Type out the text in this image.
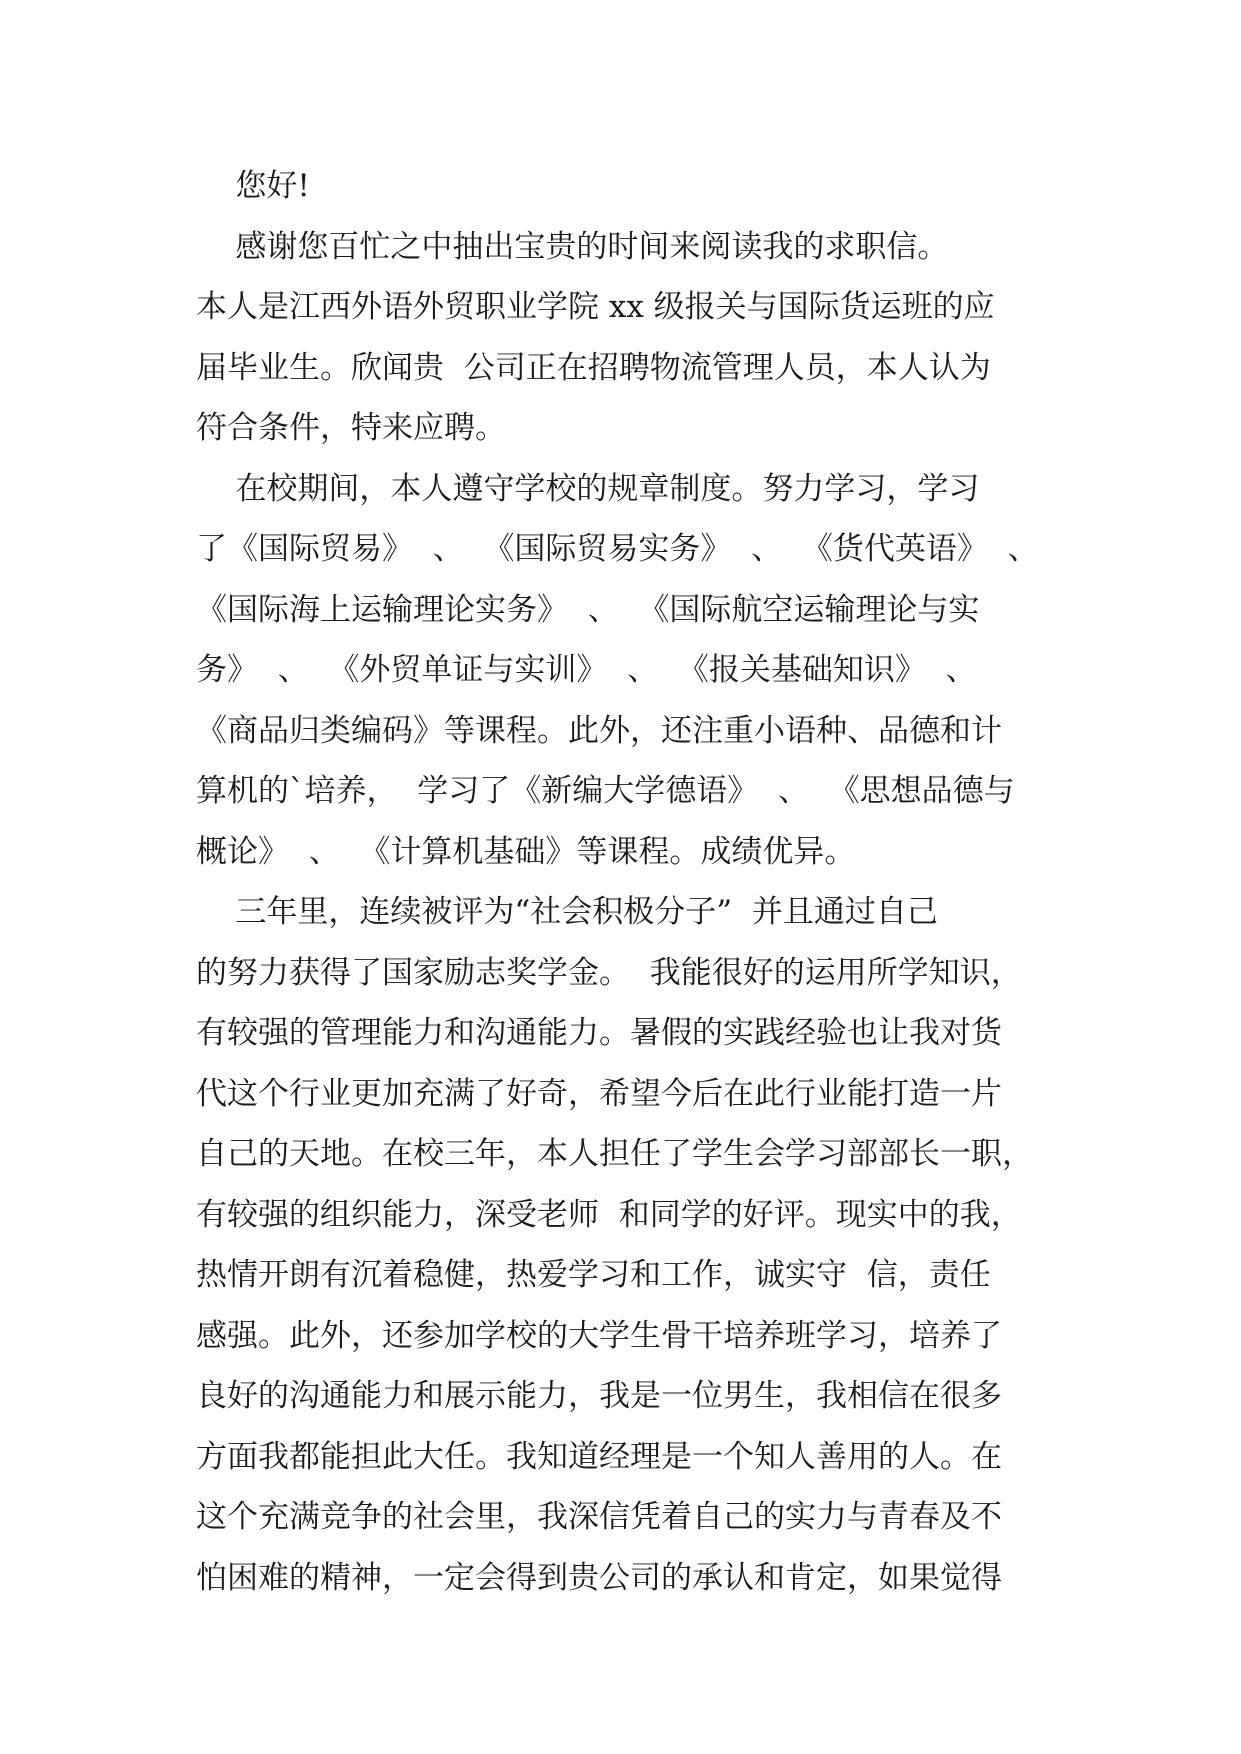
您好!
感谢您百忙之中抽出宝贵的时间来阅读我的求职信。
本人是江西外语外贸职业学院 xx 级报关与国际货运班的应
届毕业生。欣闻贵  公司正在招聘物流管理人员，本人认为
符合条件，特来应聘。
在校期间，本人遵守学校的规章制度。努力学习，学习
了《国际贸易》  、  《国际贸易实务》  、  《货代英语》  、
《国际海上运输理论实务》  、  《国际航空运输理论与实
务》  、  《外贸单证与实训》  、  《报关基础知识》  、
《商品归类编码》等课程。此外，还注重小语种、品德和计
算机的`培养，  学习了《新编大学德语》  、  《思想品德与
概论》  、  《计算机基础》等课程。成绩优异。
三年里，连续被评为“社会积极分子”  并且通过自己
的努力获得了国家励志奖学金。  我能很好的运用所学知识，
有较强的管理能力和沟通能力。暑假的实践经验也让我对货
代这个行业更加充满了好奇，希望今后在此行业能打造一片
自己的天地。在校三年，本人担任了学生会学习部部长一职，
有较强的组织能力，深受老师  和同学的好评。现实中的我，
热情开朗有沉着稳健，热爱学习和工作，诚实守  信，责任
感强。此外，还参加学校的大学生骨干培养班学习，培养了
良好的沟通能力和展示能力，我是一位男生，我相信在很多
方面我都能担此大任。我知道经理是一个知人善用的人。在
这个充满竞争的社会里，我深信凭着自己的实力与青春及不
怕困难的精神，一定会得到贵公司的承认和肯定，如果觉得
